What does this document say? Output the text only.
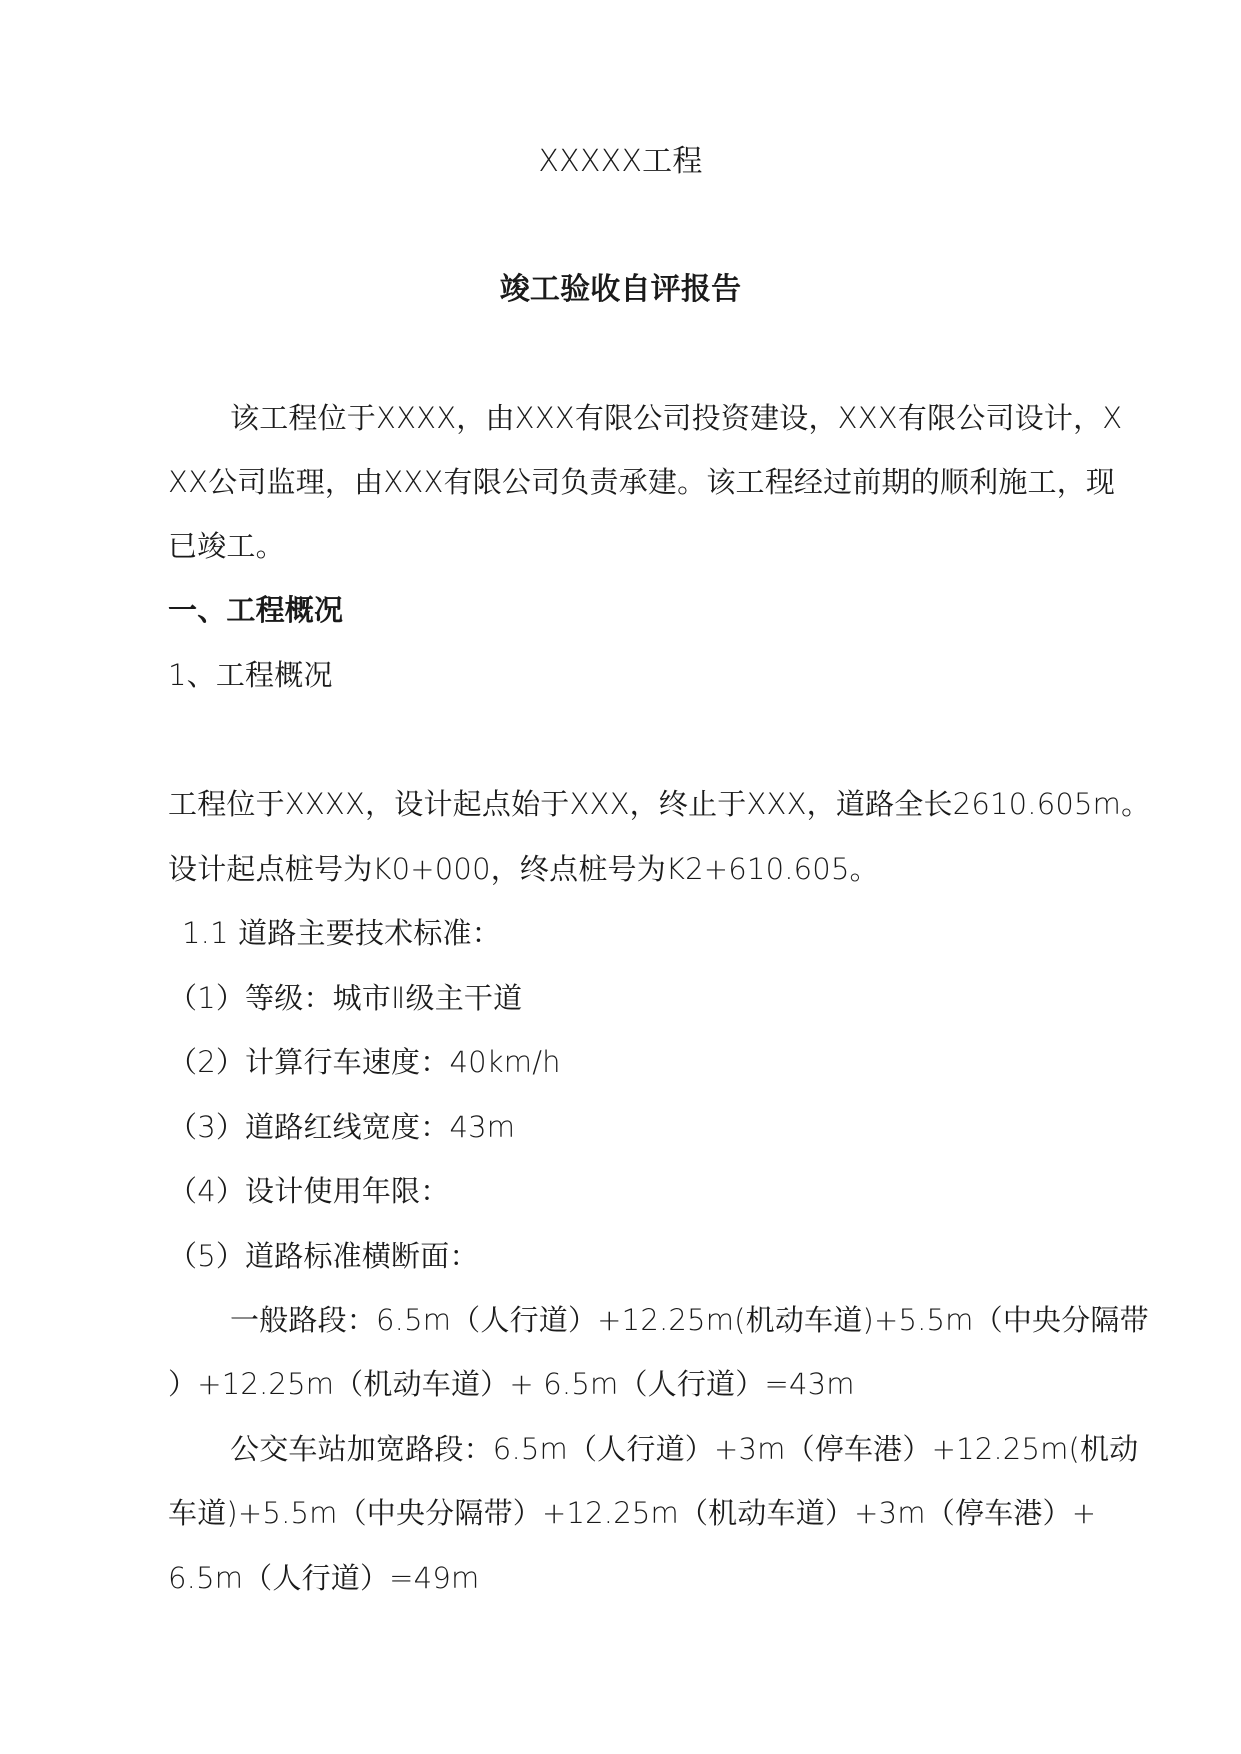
XXXXX工程
竣工验收自评报告
该工程位于XXXX，由XXX有限公司投资建设，XXX有限公司设计，X
XX公司监理，由XXX有限公司负责承建。该工程经过前期的顺利施工，现
已竣工。
一、工程概况
1、工程概况
工程位于XXXX，设计起点始于XXX，终止于XXX，道路全长2610.605m。
设计起点桩号为K0+000，终点桩号为K2+610.605。
1.1 道路主要技术标准：
（1）等级：城市Ⅱ级主干道
（2）计算行车速度：40km/h
（3）道路红线宽度：43m
（4）设计使用年限：
（5）道路标准横断面：
一般路段：6.5m（人行道）+12.25m(机动车道)+5.5m（中央分隔带
）+12.25m（机动车道）+ 6.5m（人行道）=43m
公交车站加宽路段：6.5m（人行道）+3m（停车港）+12.25m(机动
车道)+5.5m（中央分隔带）+12.25m（机动车道）+3m（停车港）+
6.5m（人行道）=49m
